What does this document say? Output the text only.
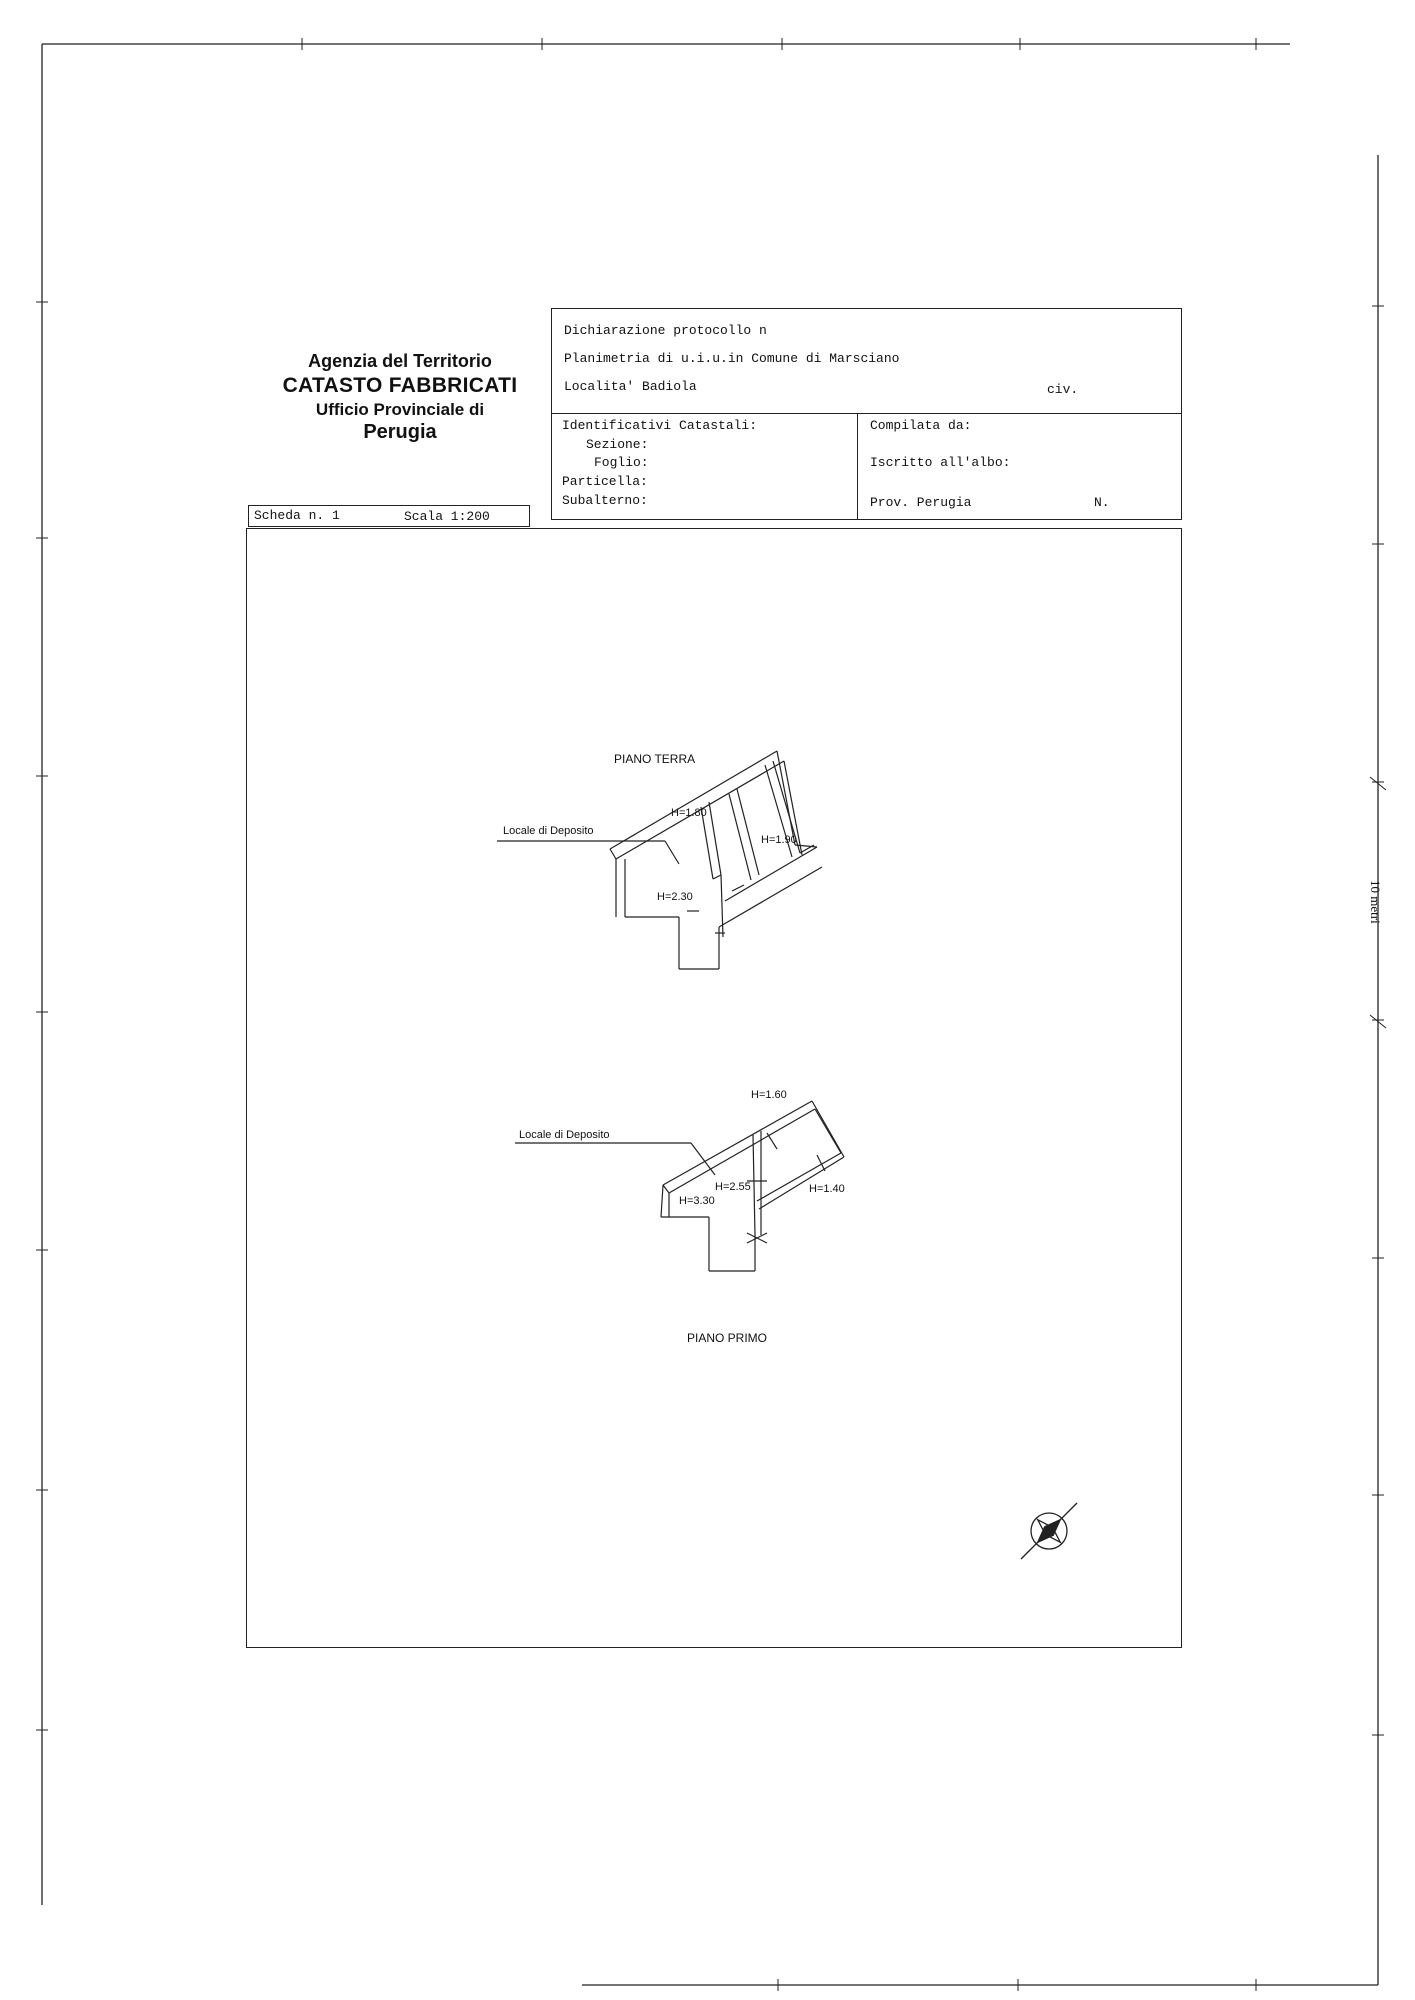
Agenzia del Territorio
CATASTO FABBRICATI
Ufficio Provinciale di
Perugia
Dichiarazione protocollo n
Planimetria di u.i.u.in Comune di Marsciano
Localita' Badiola	civ.
Identificativi Catastali:
Sezione:
Foglio:
Particella:
Subalterno:
Compilata da:
Iscritto all'albo:
Prov. Perugia	N.
Scheda n. 1	Scala 1:200
PIANO TERRA
Locale di Deposito
H=1.80
H=1.90
H=2.30
H=1.60
Locale di Deposito
H=2.55
H=3.30
H=1.40
PIANO PRIMO
10 metri
